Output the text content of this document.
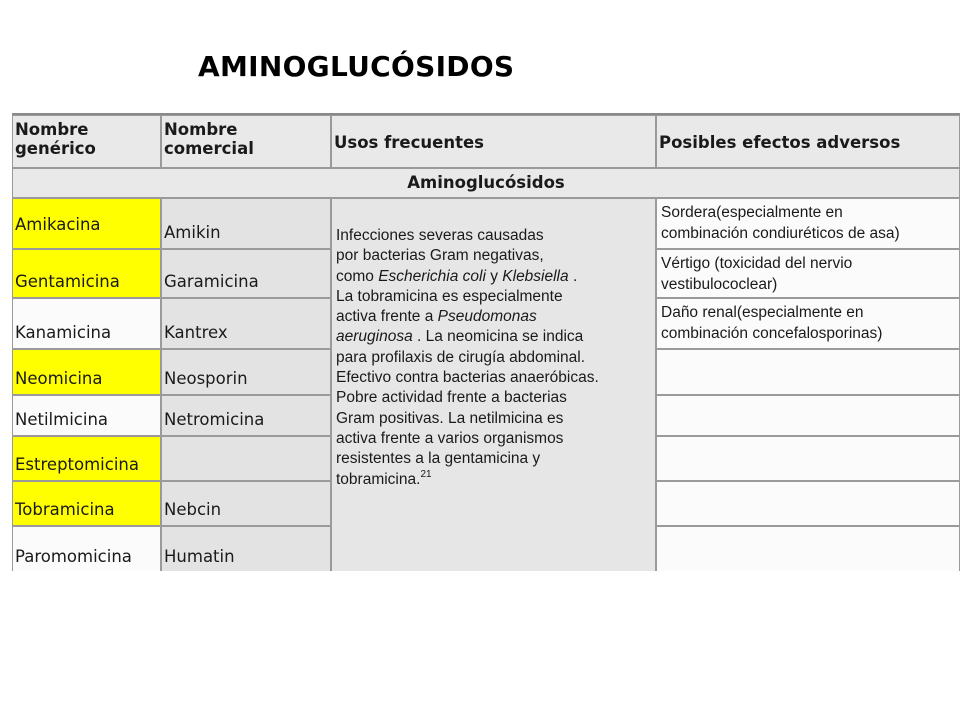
AMINOGLUCÓSIDOS
Nombre
genérico
Nombre
comercial	Usos frecuentes	Posibles efectos adversos
Aminoglucósidos
Amikacina
Gentamicina
Kanamicina
Neomicina
Netilmicina
Estreptomicina
Tobramicina
Paromomicina
Amikin
Garamicina
Kantrex
Neosporin
Netromicina
Nebcin
Humatin
Infecciones severas causadas
por bacterias Gram negativas,
como Escherichia coli y Klebsiella .
La tobramicina es especialmente
activa frente a Pseudomonas
aeruginosa . La neomicina se indica
para profilaxis de cirugía abdominal.
Efectivo contra bacterias anaeróbicas.
Pobre actividad frente a bacterias
Gram positivas. La netilmicina es
activa frente a varios organismos
resistentes a la gentamicina y
tobramicina.$^{21}$
Sordera(especialmente en
combinación condiuréticos de asa)
Vértigo (toxicidad del nervio
vestibulococlear)
Daño renal(especialmente en
combinación concefalosporinas)
